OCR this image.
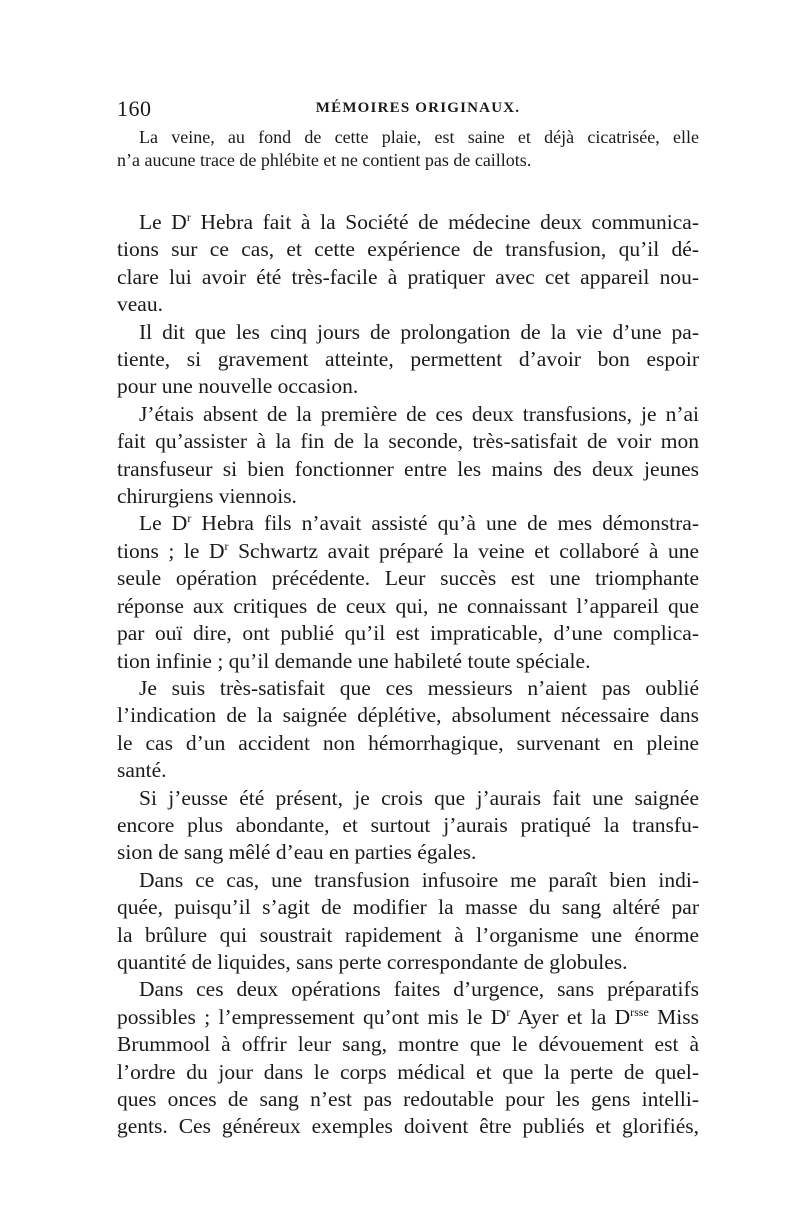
160	MÉMOIRES ORIGINAUX.

La veine, au fond de cette plaie, est saine et déjà cicatrisée, elle
n’a aucune trace de phlébite et ne contient pas de caillots.

Le $D^r$ Hebra fait à la Société de médecine deux communica-
tions sur ce cas, et cette expérience de transfusion, qu’il dé-
clare lui avoir été très-facile à pratiquer avec cet appareil nou-
veau.

Il dit que les cinq jours de prolongation de la vie d’une pa-
tiente, si gravement atteinte, permettent d’avoir bon espoir
pour une nouvelle occasion.

J’étais absent de la première de ces deux transfusions, je n’ai
fait qu’assister à la fin de la seconde, très-satisfait de voir mon
transfuseur si bien fonctionner entre les mains des deux jeunes
chirurgiens viennois.

Le $D^r$ Hebra fils n’avait assisté qu’à une de mes démonstra-
tions ; le $D^r$ Schwartz avait préparé la veine et collaboré à une
seule opération précédente. Leur succès est une triomphante
réponse aux critiques de ceux qui, ne connaissant l’appareil que
par ouï dire, ont publié qu’il est impraticable, d’une complica-
tion infinie ; qu’il demande une habileté toute spéciale.

Je suis très-satisfait que ces messieurs n’aient pas oublié
l’indication de la saignée déplétive, absolument nécessaire dans
le cas d’un accident non hémorrhagique, survenant en pleine
santé.

Si j’eusse été présent, je crois que j’aurais fait une saignée
encore plus abondante, et surtout j’aurais pratiqué la transfu-
sion de sang mêlé d’eau en parties égales.

Dans ce cas, une transfusion infusoire me paraît bien indi-
quée, puisqu’il s’agit de modifier la masse du sang altéré par
la brûlure qui soustrait rapidement à l’organisme une énorme
quantité de liquides, sans perte correspondante de globules.

Dans ces deux opérations faites d’urgence, sans préparatifs
possibles ; l’empressement qu’ont mis le $D^r$ Ayer et la $D^{rsse}$ Miss
Brummool à offrir leur sang, montre que le dévouement est à
l’ordre du jour dans le corps médical et que la perte de quel-
ques onces de sang n’est pas redoutable pour les gens intelli-
gents. Ces généreux exemples doivent être publiés et glorifiés,
